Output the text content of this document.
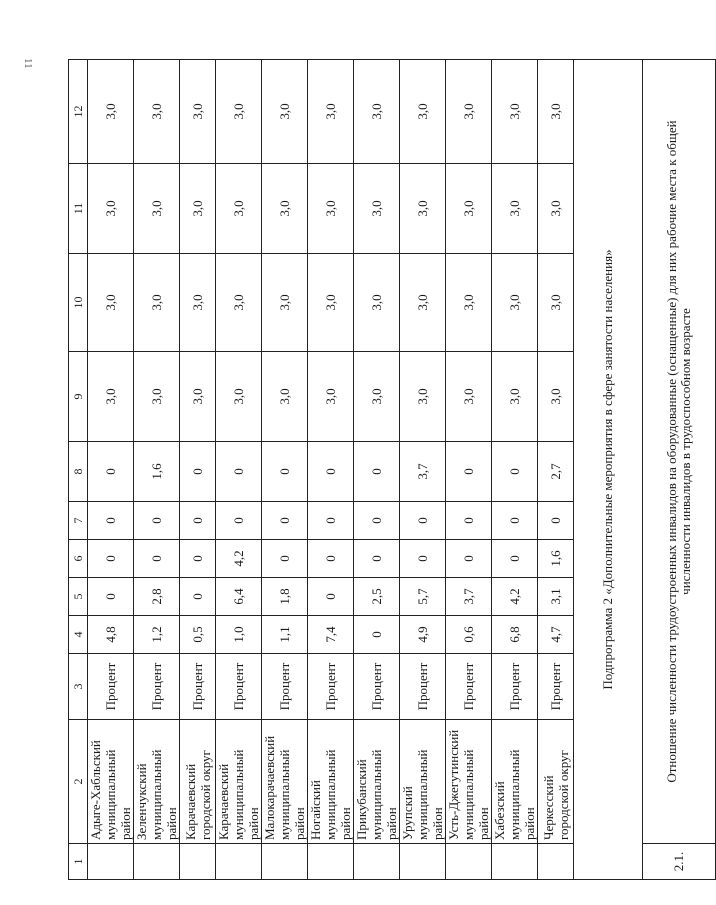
11
1	2	3	4	5	6	7	8	9	10	11	12
	Адыге-Хабльский муниципальный район	Процент	4,8	0	0	0	0	3,0	3,0	3,0	3,0
	Зеленчукский муниципальный район	Процент	1,2	2,8	0	0	1,6	3,0	3,0	3,0	3,0
	Карачаевский городской округ	Процент	0,5	0	0	0	0	3,0	3,0	3,0	3,0
	Карачаевский муниципальный район	Процент	1,0	6,4	4,2	0	0	3,0	3,0	3,0	3,0
	Малокарачаевский муниципальный район	Процент	1,1	1,8	0	0	0	3,0	3,0	3,0	3,0
	Ногайский муниципальный район	Процент	7,4	0	0	0	0	3,0	3,0	3,0	3,0
	Прикубанский муниципальный район	Процент	0	2,5	0	0	0	3,0	3,0	3,0	3,0
	Урупский муниципальный район	Процент	4,9	5,7	0	0	3,7	3,0	3,0	3,0	3,0
	Усть-Джегутинский муниципальный район	Процент	0,6	3,7	0	0	0	3,0	3,0	3,0	3,0
	Хабезский муниципальный район	Процент	6,8	4,2	0	0	0	3,0	3,0	3,0	3,0
	Черкесский городской округ	Процент	4,7	3,1	1,6	0	2,7	3,0	3,0	3,0	3,0
Подпрограмма 2 «Дополнительные мероприятия в сфере занятости населения»											
2.1.	Отношение численности трудоустроенных инвалидов на оборудованные (оснащенные) для них рабочие места к общей численности инвалидов в трудоспособном возрасте										
